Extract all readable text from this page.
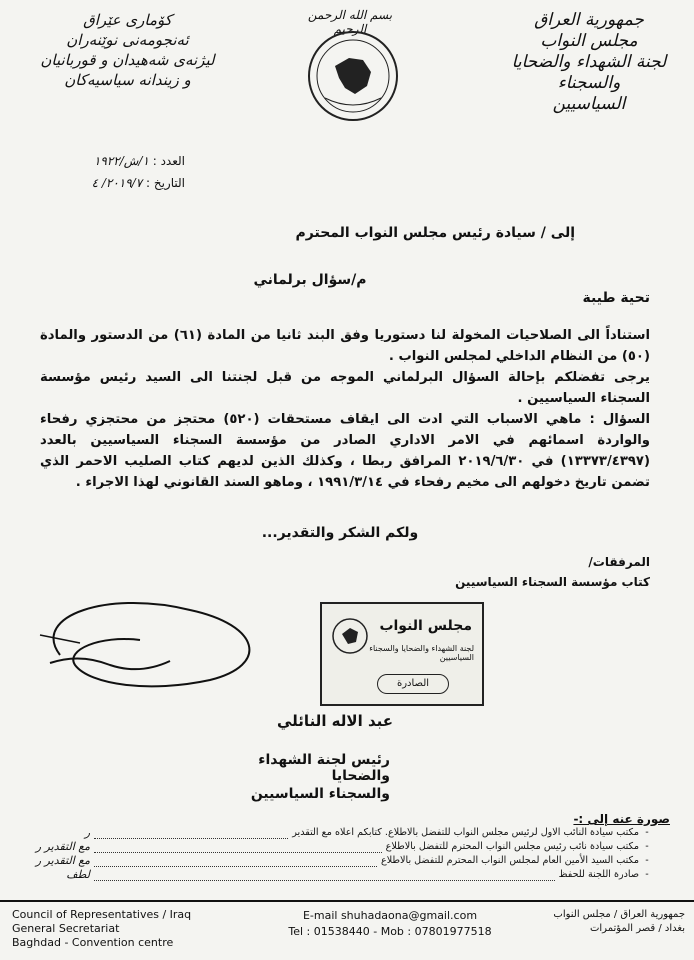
جمهورية العراق
مجلس النواب
لجنة الشهداء والضحايا والسجناء
السياسيين
بسم الله الرحمن الرحيم
كۆماری عێراق
ئەنجومەنی نوێنەران
لیژنەی شەهیدان و قوربانیان
و زیندانە سیاسیەکان
العدد : ١/ش/١٩٢٢
التاريخ : ٢٠١٩/٧/ ٤
إلى / سيادة رئيس مجلس النواب المحترم
م/سؤال برلماني
تحية طيبة

استناداً الى الصلاحيات المخولة لنا دستوريا وفق البند ثانيا من المادة (٦١) من الدستور والمادة (٥٠) من النظام الداخلي لمجلس النواب .

يرجى تفضلكم بإحالة السؤال البرلماني الموجه من قبل لجنتنا الى السيد رئيس مؤسسة السجناء السياسيين .

السؤال : ماهي الاسباب التي ادت الى ايقاف مستحقات (٥٢٠) محتجز من محتجزي رفحاء والواردة اسمائهم في الامر الاداري الصادر من مؤسسة السجناء السياسيين بالعدد (١٣٣٧٣/٤٣٩٧) في ٢٠١٩/٦/٣٠ المرافق ربطا ، وكذلك الذين لديهم كتاب الصليب الاحمر الذي تضمن تاريخ دخولهم الى مخيم رفحاء في ١٩٩١/٣/١٤ ، وماهو السند القانوني لهذا الاجراء .

ولكم الشكر والتقدير...
المرفقات/
كتاب مؤسسة السجناء السياسيين
مجلس النواب
لجنة الشهداء والضحايا والسجناء السياسيين
الصادرة
عبد الاله النائلي
رئيس لجنة الشهداء والضحايا
والسجناء السياسيين
صورة عنه إلى :-
-
مكتب سيادة النائب الاول لرئيس مجلس النواب للتفضل بالاطلاع. كتابكم اعلاه مع التقدير
ر
-
مكتب سيادة نائب رئيس مجلس النواب المحترم للتفضل بالاطلاع
مع التقدير ر
-
مكتب السيد الأمين العام لمجلس النواب المحترم للتفضل بالاطلاع
مع التقدير ر
-
صادرة اللجنة للحفظ
لطف
Council of Representatives / Iraq
General Secretariat
Baghdad - Convention centre
E-mail shuhadaona@gmail.com
Tel : 01538440 - Mob : 07801977518
جمهورية العراق / مجلس النواب
بغداد / قصر المؤتمرات
